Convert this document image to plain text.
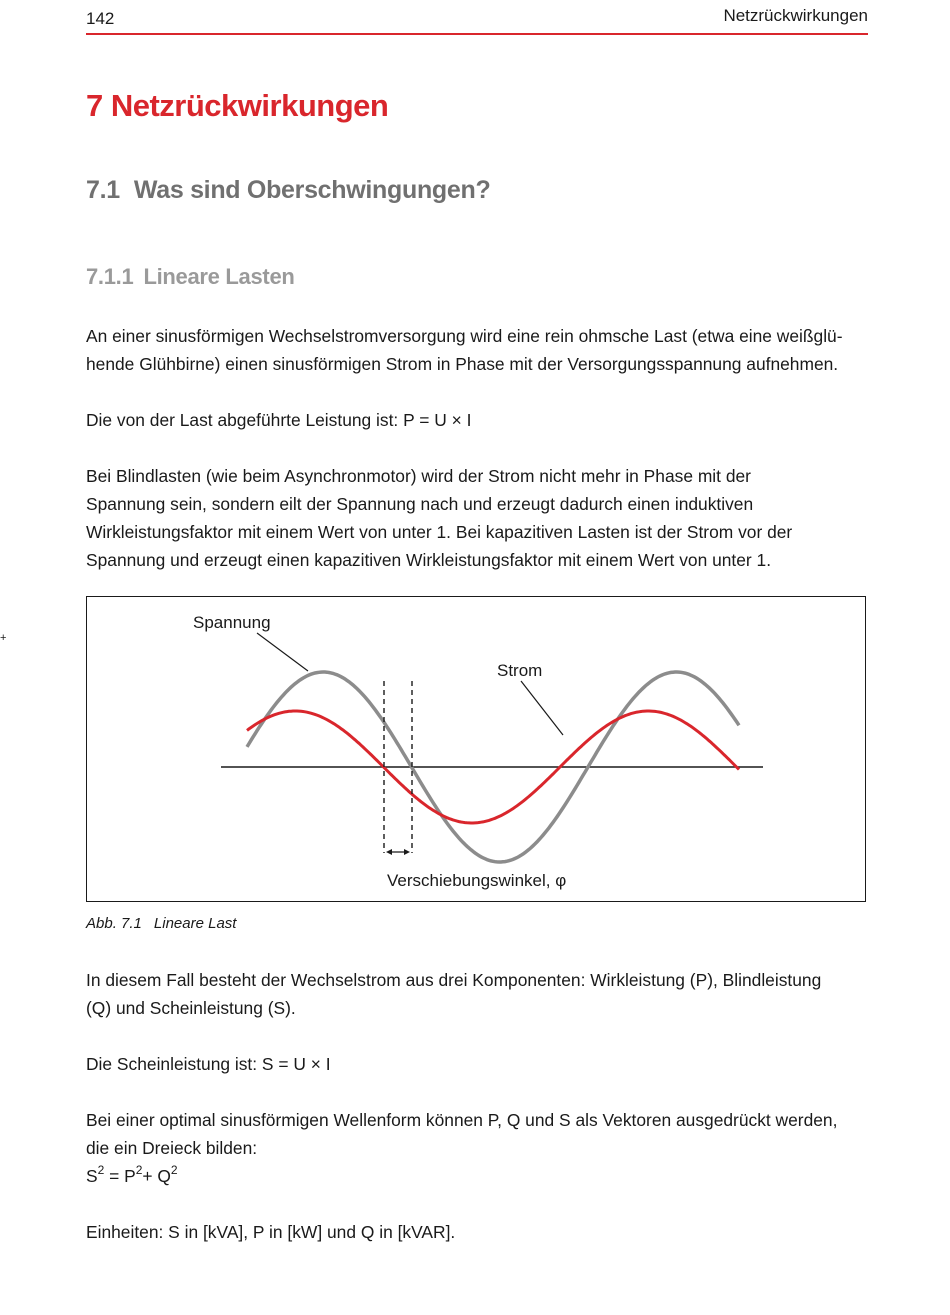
142	Netzrückwirkungen
7 Netzrückwirkungen
7.1 Was sind Oberschwingungen?
7.1.1 Lineare Lasten

An einer sinusförmigen Wechselstromversorgung wird eine rein ohmsche Last (etwa eine weißglü-
hende Glühbirne) einen sinusförmigen Strom in Phase mit der Versorgungsspannung aufnehmen.

Die von der Last abgeführte Leistung ist: P = U × I

Bei Blindlasten (wie beim Asynchronmotor) wird der Strom nicht mehr in Phase mit der
Spannung sein, sondern eilt der Spannung nach und erzeugt dadurch einen induktiven
Wirkleistungsfaktor mit einem Wert von unter 1. Bei kapazitiven Lasten ist der Strom vor der
Spannung und erzeugt einen kapazitiven Wirkleistungsfaktor mit einem Wert von unter 1.

Spannung
Strom
Verschiebungswinkel, φ

Abb. 7.1 Lineare Last

In diesem Fall besteht der Wechselstrom aus drei Komponenten: Wirkleistung (P), Blindleistung
(Q) und Scheinleistung (S).

Die Scheinleistung ist: S = U × I

Bei einer optimal sinusförmigen Wellenform können P, Q und S als Vektoren ausgedrückt werden,
die ein Dreieck bilden:
$S^2 = P^2+ Q^2$

Einheiten: S in [kVA], P in [kW] und Q in [kVAR].

+
